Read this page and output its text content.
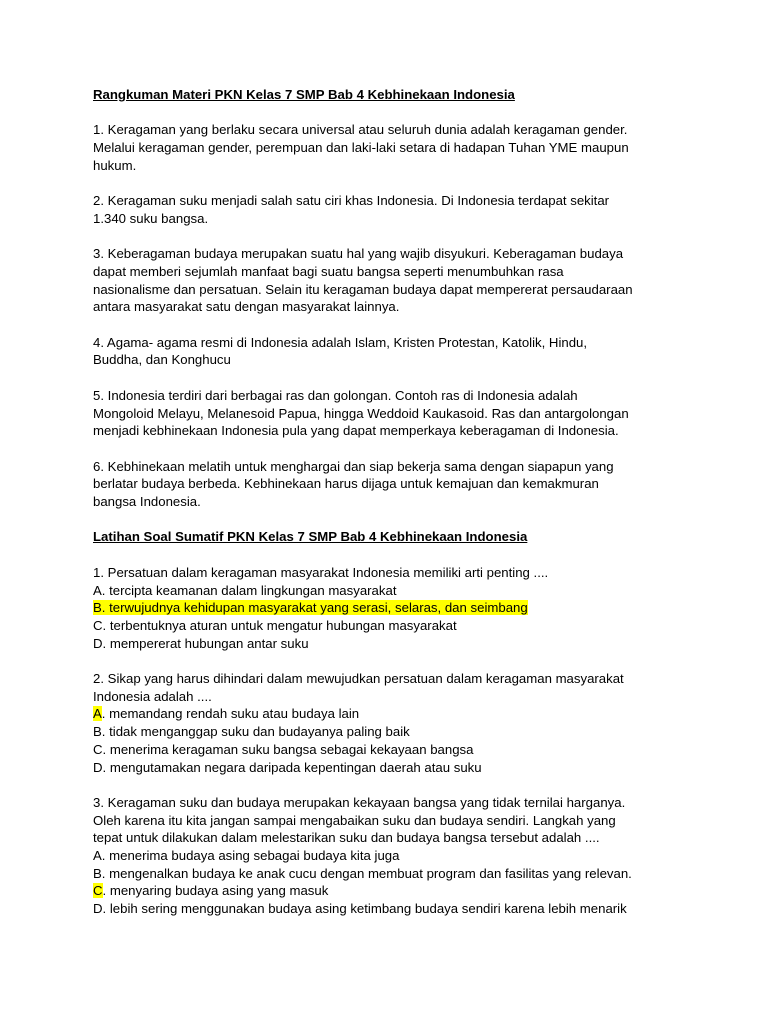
Rangkuman Materi PKN Kelas 7 SMP Bab 4 Kebhinekaan Indonesia

1. Keragaman yang berlaku secara universal atau seluruh dunia adalah keragaman gender.
Melalui keragaman gender, perempuan dan laki-laki setara di hadapan Tuhan YME maupun
hukum.

2. Keragaman suku menjadi salah satu ciri khas Indonesia. Di Indonesia terdapat sekitar
1.340 suku bangsa.

3. Keberagaman budaya merupakan suatu hal yang wajib disyukuri. Keberagaman budaya
dapat memberi sejumlah manfaat bagi suatu bangsa seperti menumbuhkan rasa
nasionalisme dan persatuan. Selain itu keragaman budaya dapat mempererat persaudaraan
antara masyarakat satu dengan masyarakat lainnya.

4. Agama- agama resmi di Indonesia adalah Islam, Kristen Protestan, Katolik, Hindu,
Buddha, dan Konghucu

5. Indonesia terdiri dari berbagai ras dan golongan. Contoh ras di Indonesia adalah
Mongoloid Melayu, Melanesoid Papua, hingga Weddoid Kaukasoid. Ras dan antargolongan
menjadi kebhinekaan Indonesia pula yang dapat memperkaya keberagaman di Indonesia.

6. Kebhinekaan melatih untuk menghargai dan siap bekerja sama dengan siapapun yang
berlatar budaya berbeda. Kebhinekaan harus dijaga untuk kemajuan dan kemakmuran
bangsa Indonesia.

Latihan Soal Sumatif PKN Kelas 7 SMP Bab 4 Kebhinekaan Indonesia

1. Persatuan dalam keragaman masyarakat Indonesia memiliki arti penting ....
A. tercipta keamanan dalam lingkungan masyarakat
B. terwujudnya kehidupan masyarakat yang serasi, selaras, dan seimbang
C. terbentuknya aturan untuk mengatur hubungan masyarakat
D. mempererat hubungan antar suku
2. Sikap yang harus dihindari dalam mewujudkan persatuan dalam keragaman masyarakat
Indonesia adalah ....
A. memandang rendah suku atau budaya lain
B. tidak menganggap suku dan budayanya paling baik
C. menerima keragaman suku bangsa sebagai kekayaan bangsa
D. mengutamakan negara daripada kepentingan daerah atau suku
3. Keragaman suku dan budaya merupakan kekayaan bangsa yang tidak ternilai harganya.
Oleh karena itu kita jangan sampai mengabaikan suku dan budaya sendiri. Langkah yang
tepat untuk dilakukan dalam melestarikan suku dan budaya bangsa tersebut adalah ....
A. menerima budaya asing sebagai budaya kita juga
B. mengenalkan budaya ke anak cucu dengan membuat program dan fasilitas yang relevan.
C. menyaring budaya asing yang masuk
D. lebih sering menggunakan budaya asing ketimbang budaya sendiri karena lebih menarik
